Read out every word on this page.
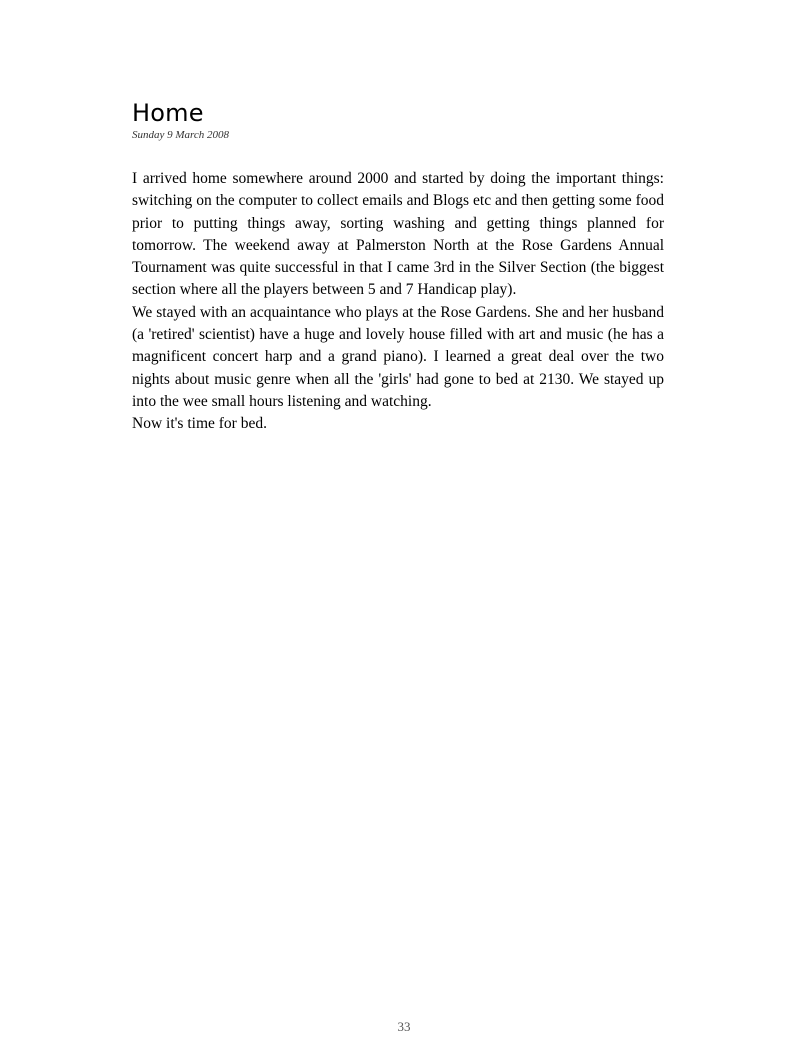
Home

Sunday 9 March 2008

I arrived home somewhere around 2000 and started by doing the important things: switching on the computer to collect emails and Blogs etc and then getting some food prior to putting things away, sorting washing and getting things planned for tomorrow. The weekend away at Palmerston North at the Rose Gardens Annual Tournament was quite successful in that I came 3rd in the Silver Section (the biggest section where all the players between 5 and 7 Handicap play).

We stayed with an acquaintance who plays at the Rose Gardens. She and her husband (a 'retired' scientist) have a huge and lovely house filled with art and music (he has a magnificent concert harp and a grand piano). I learned a great deal over the two nights about music genre when all the 'girls' had gone to bed at 2130. We stayed up into the wee small hours listening and watching.

Now it's time for bed.

33
